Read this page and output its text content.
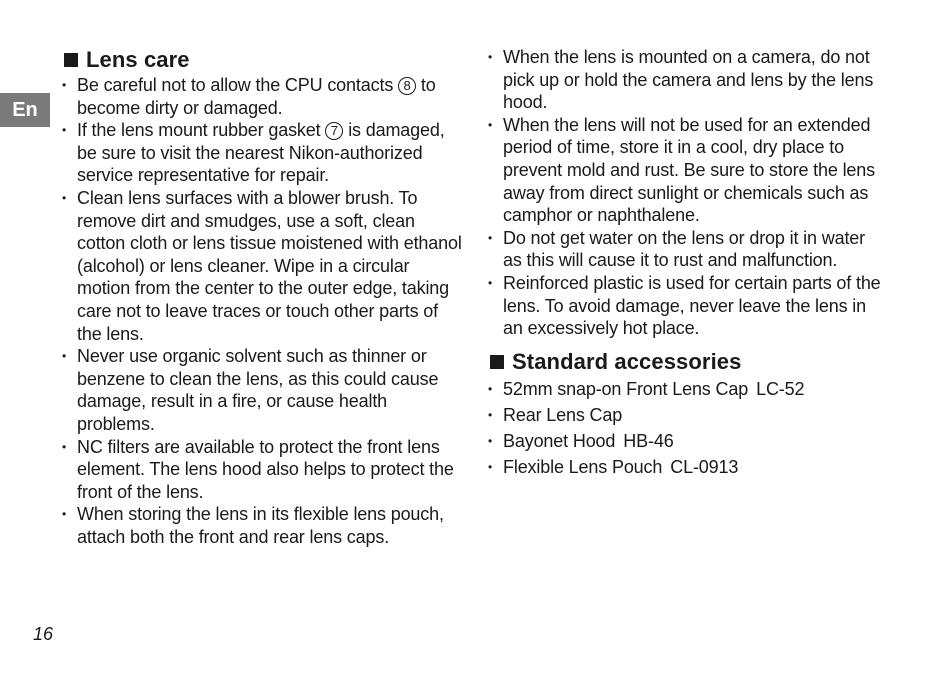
En
Lens care
• Be careful not to allow the CPU contacts 8 to become dirty or damaged.
• If the lens mount rubber gasket 7 is damaged, be sure to visit the nearest Nikon-authorized service representative for repair.
• Clean lens surfaces with a blower brush. To remove dirt and smudges, use a soft, clean cotton cloth or lens tissue moistened with ethanol (alcohol) or lens cleaner. Wipe in a circular motion from the center to the outer edge, taking care not to leave traces or touch other parts of the lens.
• Never use organic solvent such as thinner or benzene to clean the lens, as this could cause damage, result in a fire, or cause health problems.
• NC filters are available to protect the front lens element. The lens hood also helps to protect the front of the lens.
• When storing the lens in its flexible lens pouch, attach both the front and rear lens caps.
• When the lens is mounted on a camera, do not pick up or hold the camera and lens by the lens hood.
• When the lens will not be used for an extended period of time, store it in a cool, dry place to prevent mold and rust. Be sure to store the lens away from direct sunlight or chemicals such as camphor or naphthalene.
• Do not get water on the lens or drop it in water as this will cause it to rust and malfunction.
• Reinforced plastic is used for certain parts of the lens. To avoid damage, never leave the lens in an excessively hot place.
Standard accessories
• 52mm snap-on Front Lens Cap LC-52
• Rear Lens Cap
• Bayonet Hood HB-46
• Flexible Lens Pouch CL-0913
16
